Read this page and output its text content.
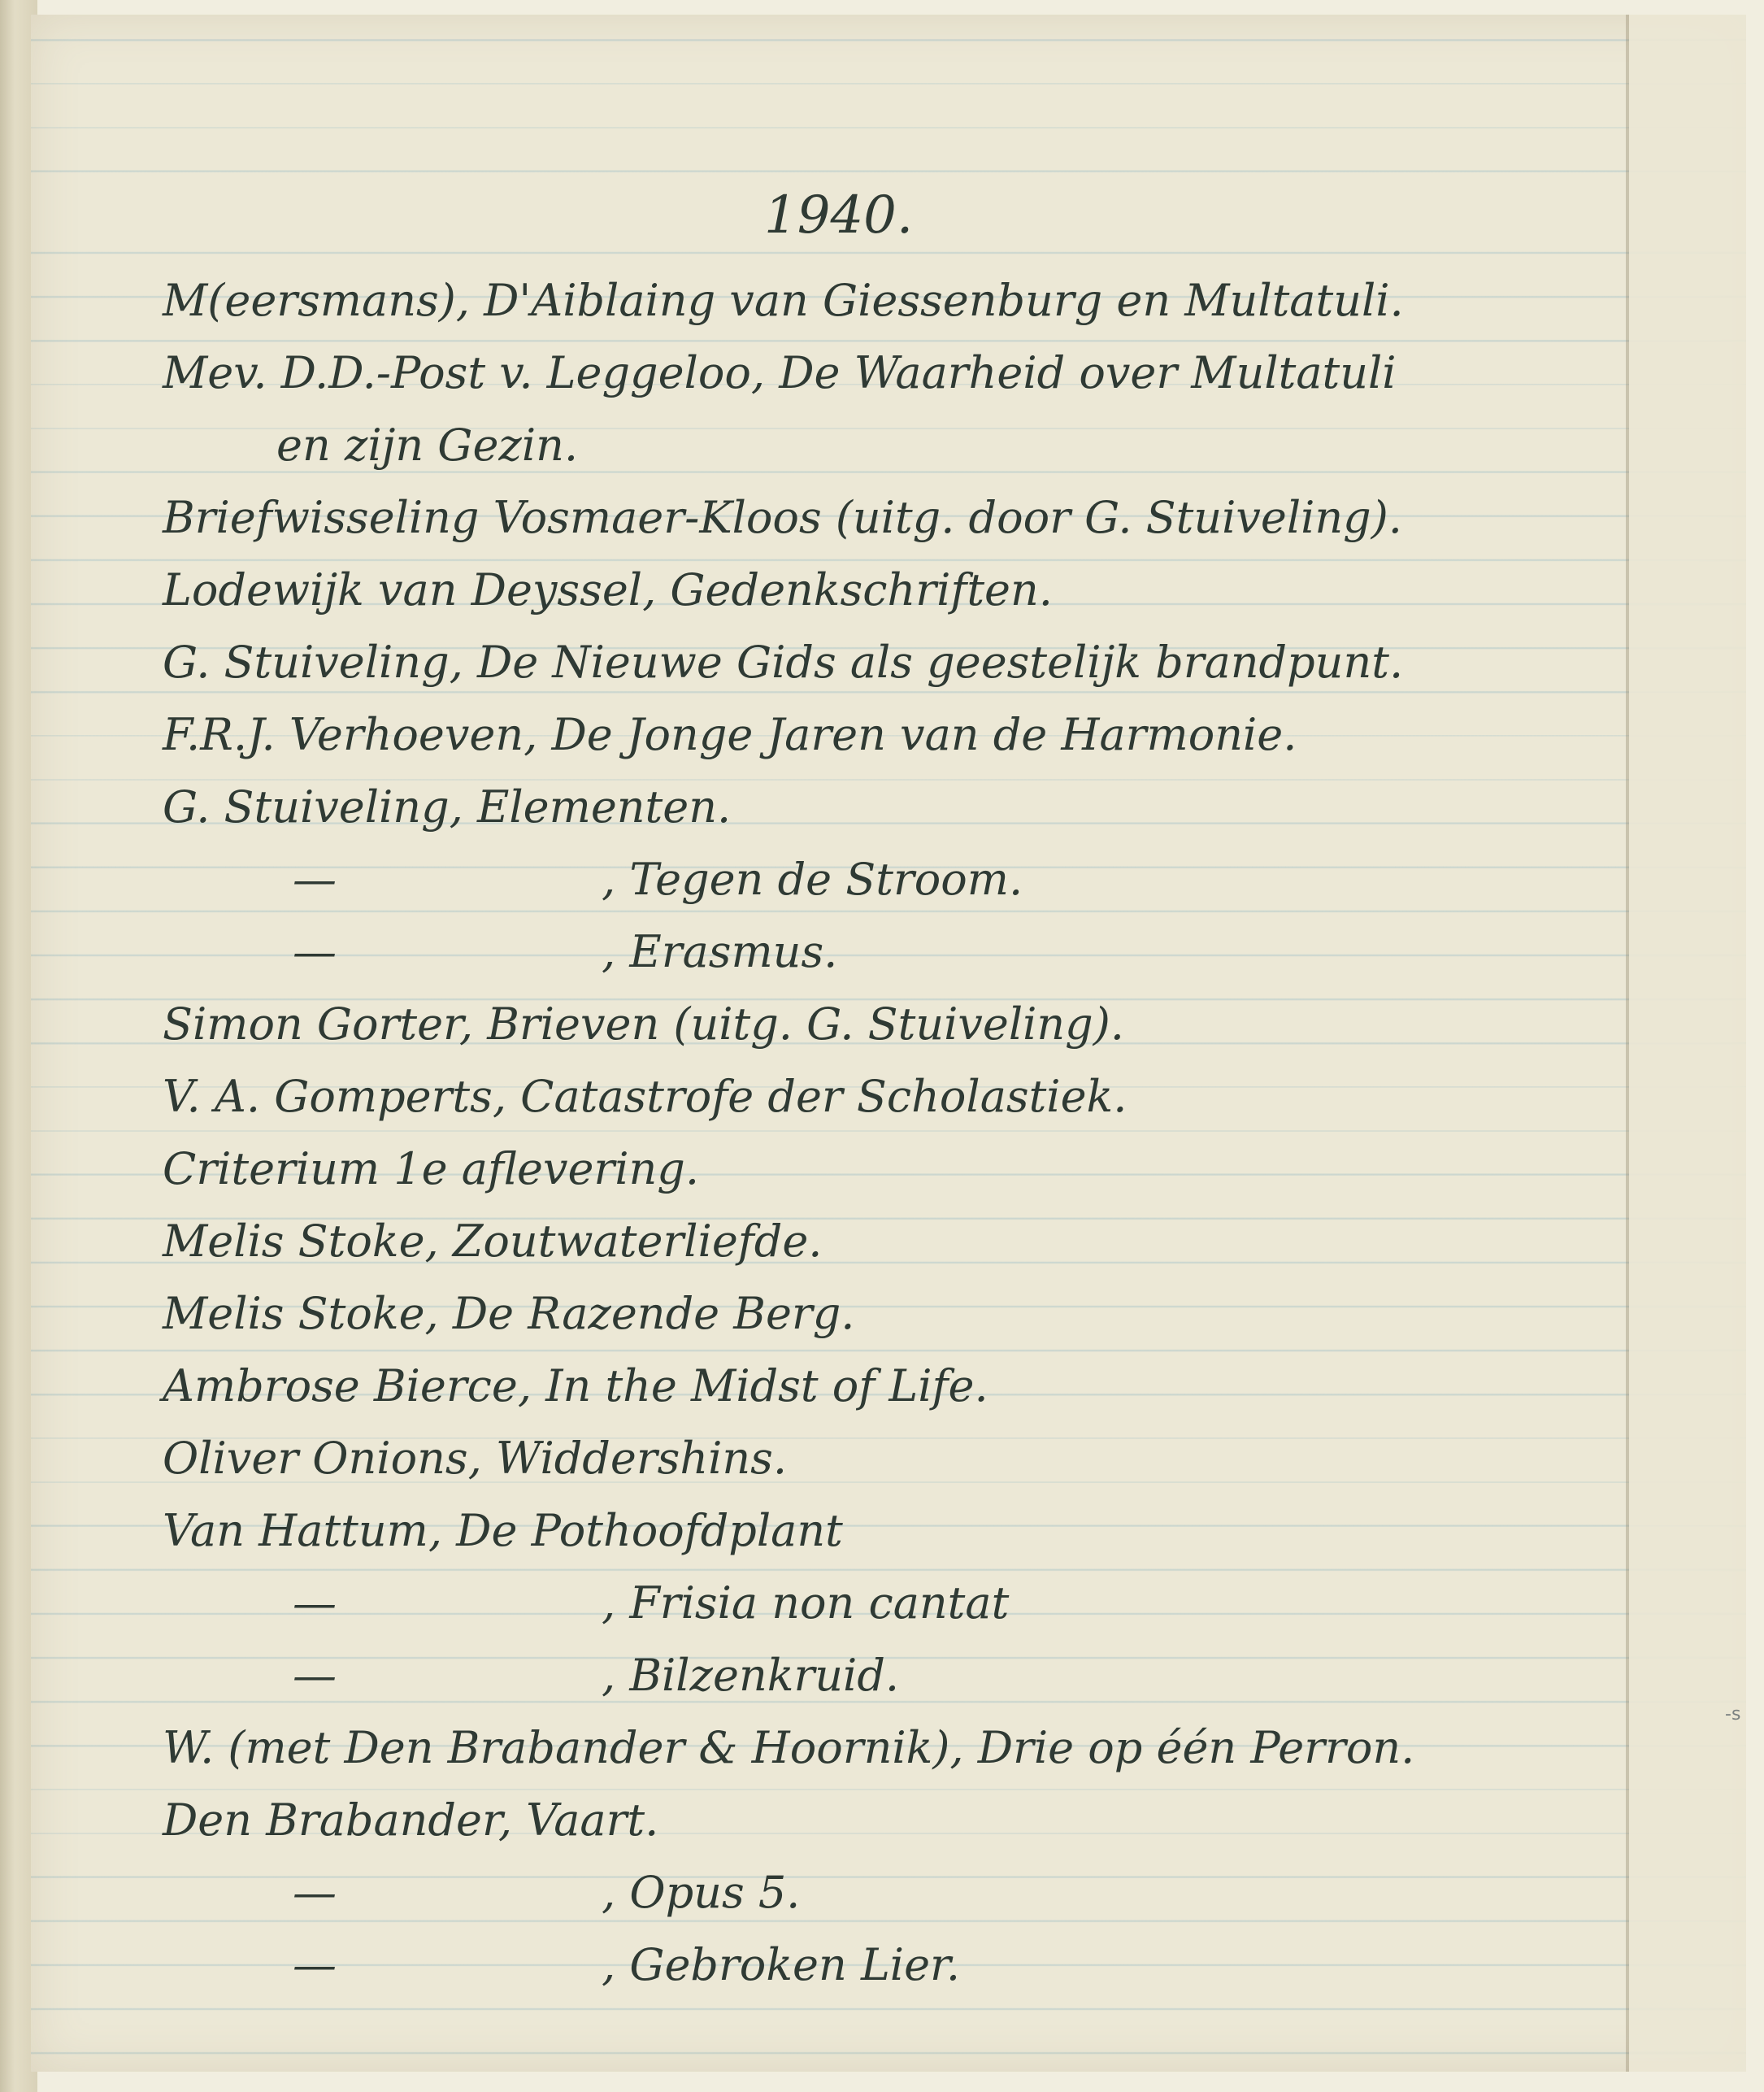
1940.
M(eersmans), D'Aiblaing van Giessenburg en Multatuli.
Mev. D.D.-Post v. Leggeloo, De Waarheid over Multatuli
en zijn Gezin.
Briefwisseling Vosmaer-Kloos (uitg. door G. Stuiveling).
Lodewijk van Deyssel, Gedenkschriften.
G. Stuiveling, De Nieuwe Gids als geestelijk brandpunt.
F.R.J. Verhoeven, De Jonge Jaren van de Harmonie.
G. Stuiveling, Elementen.
—	, Tegen de Stroom.
—	, Erasmus.
Simon Gorter, Brieven (uitg. G. Stuiveling).
V. A. Gomperts, Catastrofe der Scholastiek.
Criterium 1e aflevering.
Melis Stoke, Zoutwaterliefde.
Melis Stoke, De Razende Berg.
Ambrose Bierce, In the Midst of Life.
Oliver Onions, Widdershins.
Van Hattum, De Pothoofdplant
—	, Frisia non cantat
—	, Bilzenkruid.
W. (met Den Brabander & Hoornik), Drie op één Perron.
Den Brabander, Vaart.
—	, Opus 5.
—	, Gebroken Lier.
-s
